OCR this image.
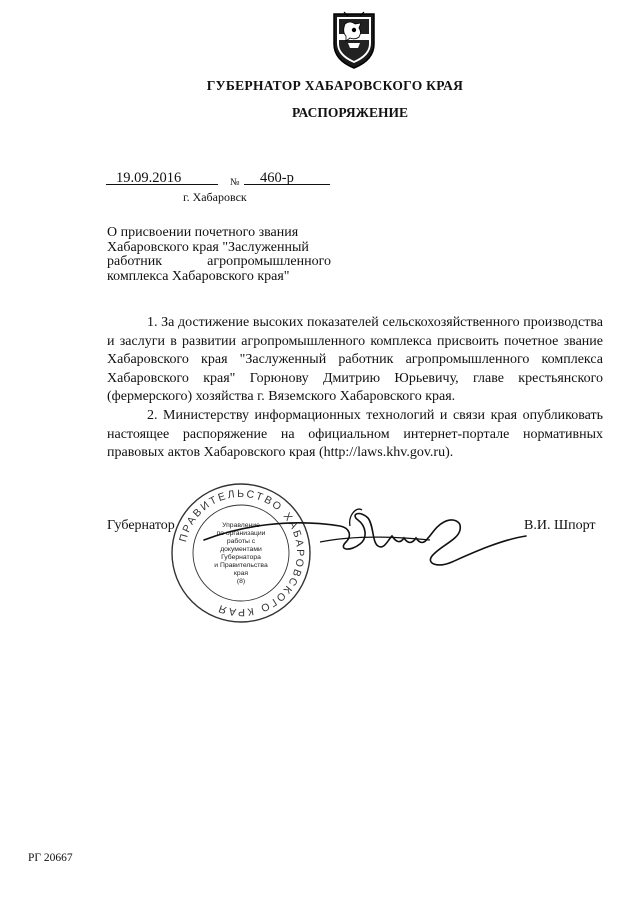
ГУБЕРНАТОР ХАБАРОВСКОГО КРАЯ
РАСПОРЯЖЕНИЕ
19.09.2016	№ 460-р
г. Хабаровск
О присвоении почетного звания
Хабаровского края "Заслуженный
работник агропромышленного
комплекса Хабаровского края"

1. За достижение высоких показателей сельскохозяйственного производства и заслуги в развитии агропромышленного комплекса присвоить почетное звание Хабаровского края "Заслуженный работник агропромышленного комплекса Хабаровского края" Горюнову Дмитрию Юрьевичу, главе крестьянского (фермерского) хозяйства г. Вяземского Хабаровского края.

2. Министерству информационных технологий и связи края опубликовать настоящее распоряжение на официальном интернет-портале нормативных правовых актов Хабаровского края (http://laws.khv.gov.ru).

ПРАВИТЕЛЬСТВО ХАБАРОВСКОГО КРАЯ
Управление
по организации
работы с документами
Губернатора
и Правительства
края
(8)
Губернатор	В.И. Шпорт
РГ 20667
